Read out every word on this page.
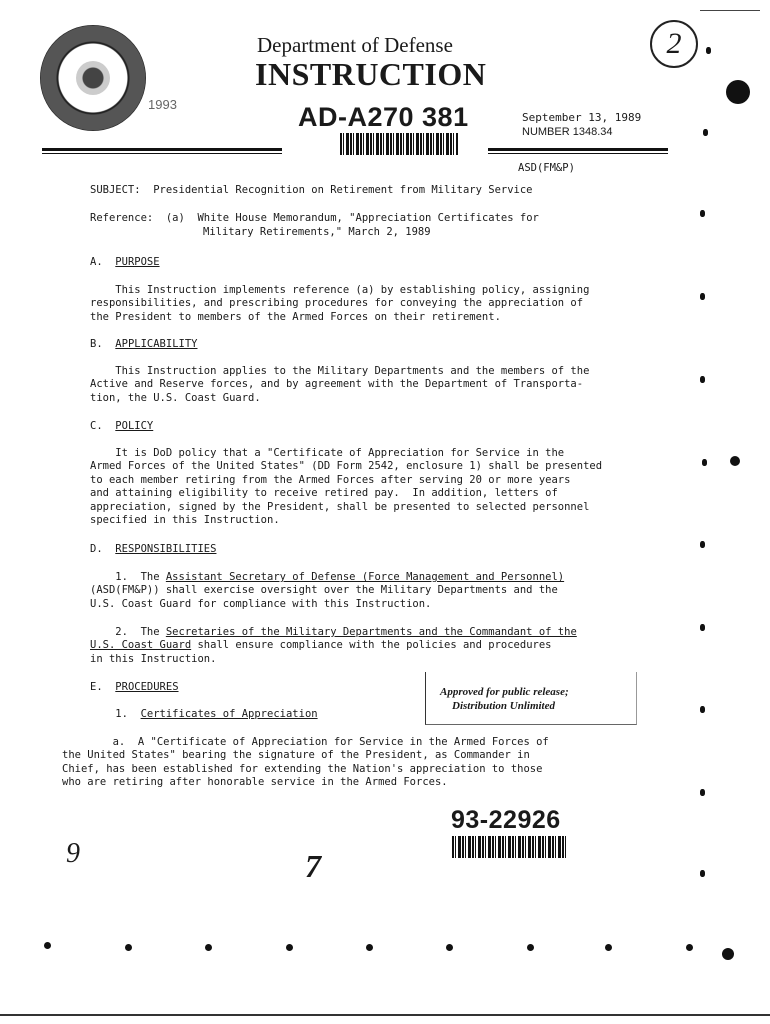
1993
Department of Defense
INSTRUCTION
AD-A270 381	September 13, 1989
NUMBER 1348.34
ASD(FM&P)
2
SUBJECT:  Presidential Recognition on Retirement from Military Service
Reference:  (a)  White House Memorandum, "Appreciation Certificates for
Military Retirements," March 2, 1989
A.  PURPOSE
This Instruction implements reference (a) by establishing policy, assigning
responsibilities, and prescribing procedures for conveying the appreciation of
the President to members of the Armed Forces on their retirement.
B.  APPLICABILITY
This Instruction applies to the Military Departments and the members of the
Active and Reserve forces, and by agreement with the Department of Transporta-
tion, the U.S. Coast Guard.
C.  POLICY
It is DoD policy that a "Certificate of Appreciation for Service in the
Armed Forces of the United States" (DD Form 2542, enclosure 1) shall be presented
to each member retiring from the Armed Forces after serving 20 or more years
and attaining eligibility to receive retired pay.  In addition, letters of
appreciation, signed by the President, shall be presented to selected personnel
specified in this Instruction.
D.  RESPONSIBILITIES
1.  The Assistant Secretary of Defense (Force Management and Personnel)
(ASD(FM&P)) shall exercise oversight over the Military Departments and the
U.S. Coast Guard for compliance with this Instruction.
2.  The Secretaries of the Military Departments and the Commandant of the
U.S. Coast Guard shall ensure compliance with the policies and procedures
in this Instruction.
E.  PROCEDURES
1.  Certificates of Appreciation
a.  A "Certificate of Appreciation for Service in the Armed Forces of
the United States" bearing the signature of the President, as Commander in
Chief, has been established for extending the Nation's appreciation to those
who are retiring after honorable service in the Armed Forces.
Approved for public release;
Distribution Unlimited
93-22926
9	7
